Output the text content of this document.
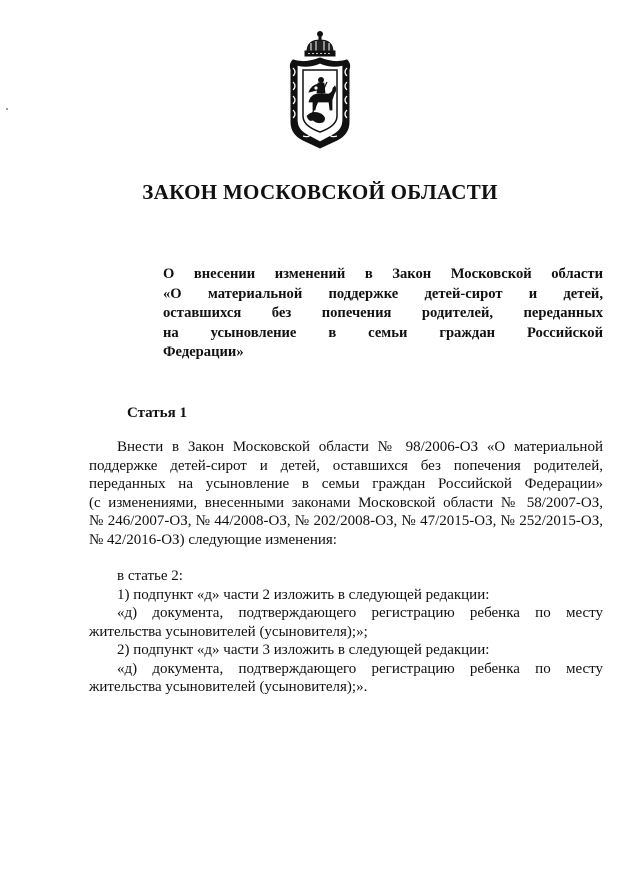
ЗАКОН МОСКОВСКОЙ ОБЛАСТИ
О внесении изменений в Закон Московской области
«О материальной поддержке детей-сирот и детей,
оставшихся без попечения родителей, переданных
на усыновление в семьи граждан Российской
Федерации»
Статья 1
Внести в Закон Московской области № 98/2006-ОЗ «О материальной
поддержке детей-сирот и детей, оставшихся без попечения родителей,
переданных на усыновление в семьи граждан Российской Федерации»
(с изменениями, внесенными законами Московской области № 58/2007-ОЗ,
№ 246/2007-ОЗ, № 44/2008-ОЗ, № 202/2008-ОЗ, № 47/2015-ОЗ, № 252/2015-ОЗ,
№ 42/2016-ОЗ) следующие изменения:
в статье 2:
1) подпункт «д» части 2 изложить в следующей редакции:
«д) документа, подтверждающего регистрацию ребенка по месту
жительства усыновителей (усыновителя);»;
2) подпункт «д» части 3 изложить в следующей редакции:
«д) документа, подтверждающего регистрацию ребенка по месту
жительства усыновителей (усыновителя);».
